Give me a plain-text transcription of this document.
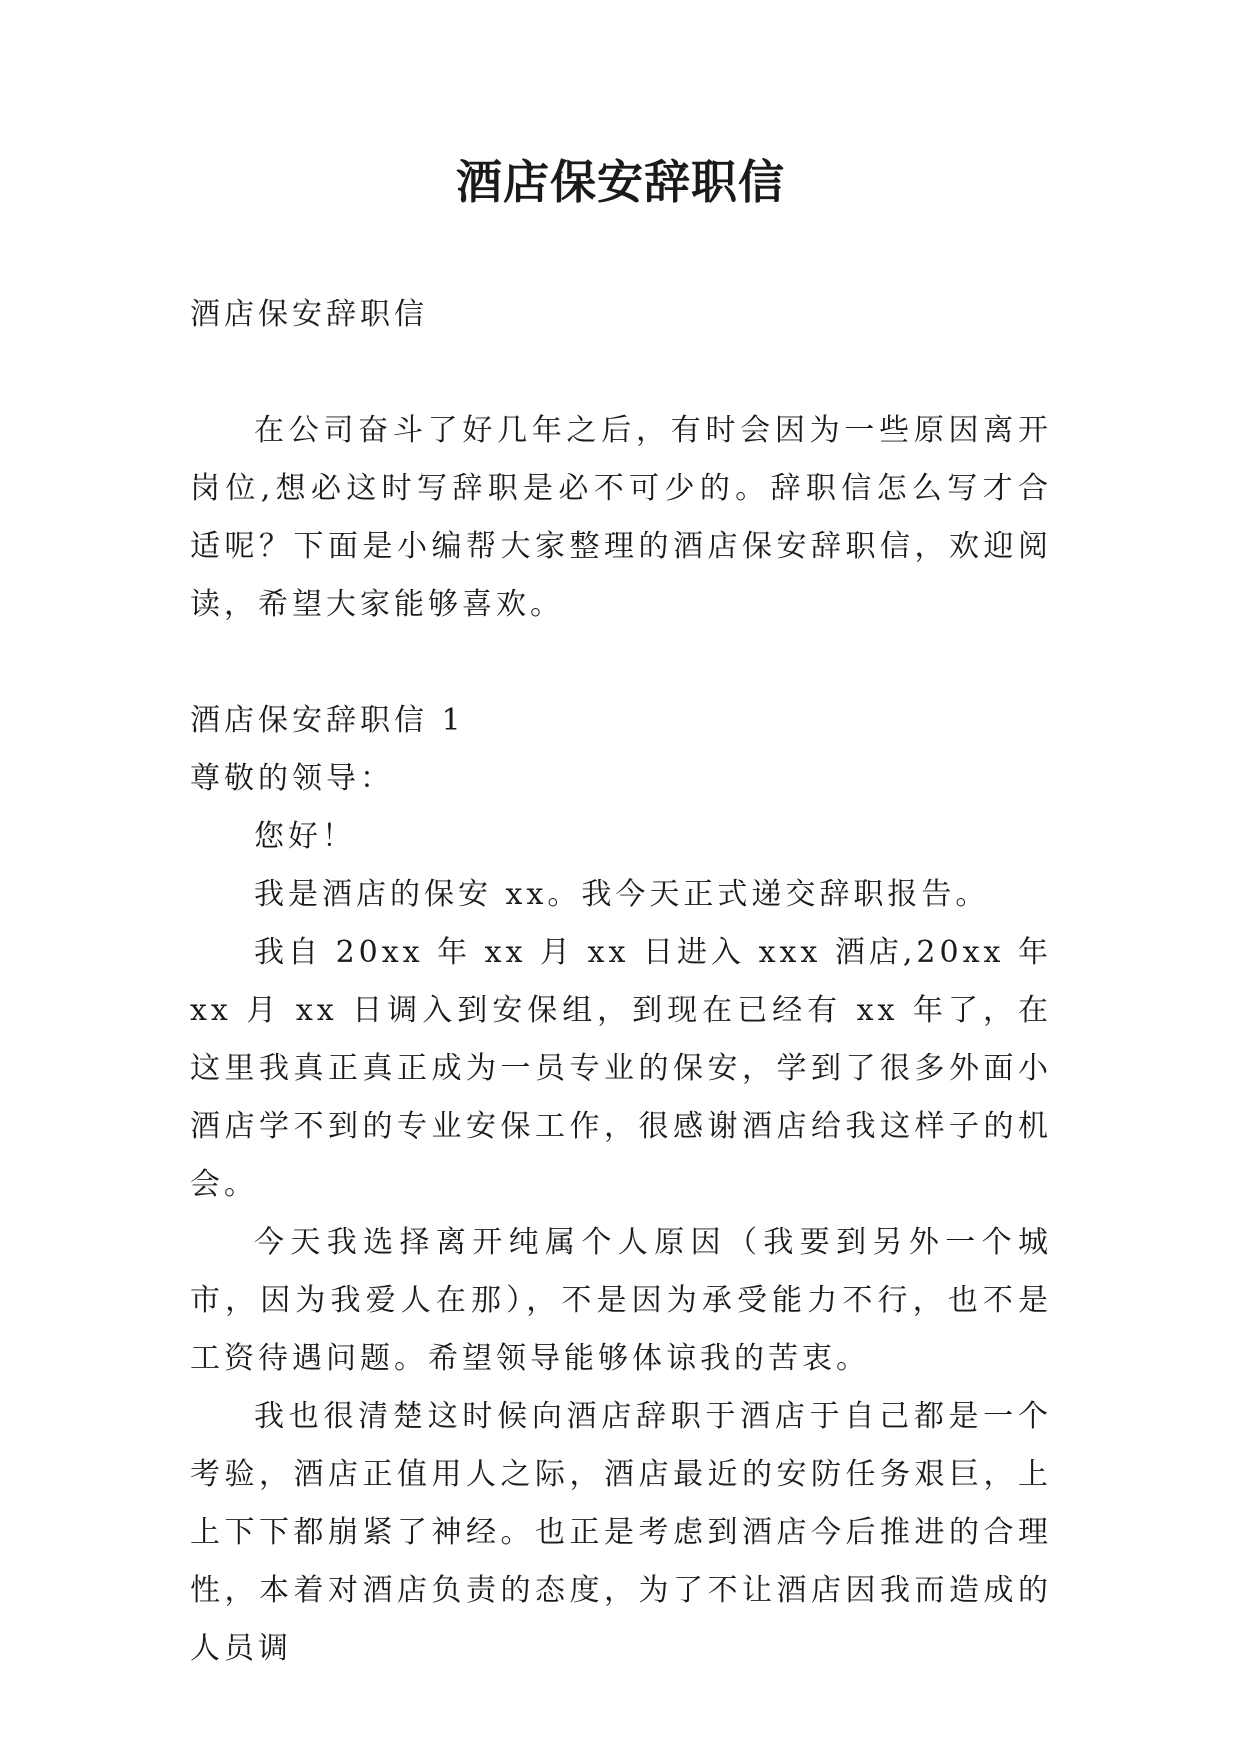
酒店保安辞职信

酒店保安辞职信

在公司奋斗了好几年之后，有时会因为一些原因离开岗位,想必这时写辞职是必不可少的。辞职信怎么写才合适呢？下面是小编帮大家整理的酒店保安辞职信，欢迎阅读，希望大家能够喜欢。

酒店保安辞职信 1

尊敬的领导：

您好！

我是酒店的保安 xx。我今天正式递交辞职报告。

我自 20xx 年 xx 月 xx 日进入 xxx 酒店,20xx 年 xx 月 xx 日调入到安保组，到现在已经有 xx 年了，在这里我真正真正成为一员专业的保安，学到了很多外面小酒店学不到的专业安保工作，很感谢酒店给我这样子的机会。

今天我选择离开纯属个人原因（我要到另外一个城市，因为我爱人在那），不是因为承受能力不行，也不是工资待遇问题。希望领导能够体谅我的苦衷。

我也很清楚这时候向酒店辞职于酒店于自己都是一个考验，酒店正值用人之际，酒店最近的安防任务艰巨，上上下下都崩紧了神经。也正是考虑到酒店今后推进的合理性，本着对酒店负责的态度，为了不让酒店因我而造成的人员调
